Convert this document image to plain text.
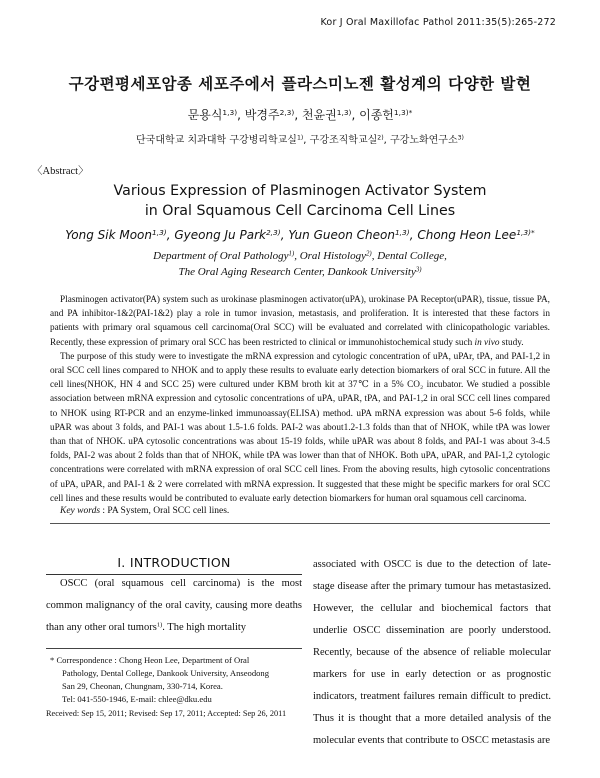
Kor J Oral Maxillofac Pathol 2011:35(5):265-272
구강편평세포암종 세포주에서 플라스미노젠 활성계의 다양한 발현
문용식$^{1,3)}$, 박경주$^{2,3)}$, 천윤권$^{1,3)}$, 이종헌$^{1,3)*}$
단국대학교 치과대학 구강병리학교실$^{1)}$, 구강조직학교실$^{2)}$, 구강노화연구소$^{3)}$
〈Abstract〉
Various Expression of Plasminogen Activator System
in Oral Squamous Cell Carcinoma Cell Lines
Yong Sik Moon$^{1,3)}$, Gyeong Ju Park$^{2,3)}$, Yun Gueon Cheon$^{1,3)}$, Chong Heon Lee$^{1,3)*}$
Department of Oral Pathology$^{1)}$, Oral Histology$^{2)}$, Dental College,
The Oral Aging Research Center, Dankook University$^{3)}$

Plasminogen activator(PA) system such as urokinase plasminogen activator(uPA), urokinase PA Receptor(uPAR), tissue, tissue PA, and PA inhibitor-1&2(PAI-1&2) play a role in tumor invasion, metastasis, and proliferation. It is interested that these factors in patients with primary oral squamous cell carcinoma(Oral SCC) will be evaluated and correlated with clinicopathologic variables. Recently, these expression of primary oral SCC has been restricted to clinical or immunohistochemical study such in vivo study.

The purpose of this study were to investigate the mRNA expression and cytologic concentration of uPA, uPAr, tPA, and PAI-1,2 in oral SCC cell lines compared to NHOK and to apply these results to evaluate early detection biomarkers of oral SCC in future. All the cell lines(NHOK, HN 4 and SCC 25) were cultured under KBM broth kit at 37℃ in a 5% CO₂ incubator. We studied a possible association between mRNA expression and cytosolic concentrations of uPA, uPAR, tPA, and PAI-1,2 in oral SCC cell lines compared to NHOK using RT-PCR and an enzyme-linked immunoassay(ELISA) method. uPA mRNA expression was about 5-6 folds, while uPAR was about 3 folds, and PAI-1 was about 1.5-1.6 folds. PAI-2 was about1.2-1.3 folds than that of NHOK, while tPA was lower than that of NHOK. uPA cytosolic concentrations was about 15-19 folds, while uPAR was about 8 folds, and PAI-1 was about 3-4.5 folds, PAI-2 was about 2 folds than that of NHOK, while tPA was lower than that of NHOK. Both uPA, uPAR, and PAI-1,2 cytologic concentrations were correlated with mRNA expression of oral SCC cell lines. From the aboving results, high cytosolic concentrations of uPA, uPAR, and PAI-1 & 2 were correlated with mRNA expression. It suggested that these might be specific markers for oral SCC cell lines and these results would be contributed to evaluate early detection biomarkers for human oral squamous cell carcinoma.

Key words : PA System, Oral SCC cell lines.
Ⅰ. INTRODUCTION
OSCC (oral squamous cell carcinoma) is the most common malignancy of the oral cavity, causing more deaths than any other oral tumors$^{1)}$. The high mortality
associated with OSCC is due to the detection of late-stage disease after the primary tumour has metastasized. However, the cellular and biochemical factors that underlie OSCC dissemination are poorly understood. Recently, because of the absence of reliable molecular markers for use in early detection or as prognostic indicators, treatment failures remain difficult to predict. Thus it is thought that a more detailed analysis of the molecular events that contribute to OSCC metastasis are
* Correspondence : Chong Heon Lee, Department of Oral
Pathology, Dental College, Dankook University, Anseodong
San 29, Cheonan, Chungnam, 330-714, Korea.
Tel: 041-550-1946, E-mail: chlee@dku.edu
Received: Sep 15, 2011; Revised: Sep 17, 2011; Accepted: Sep 26, 2011
